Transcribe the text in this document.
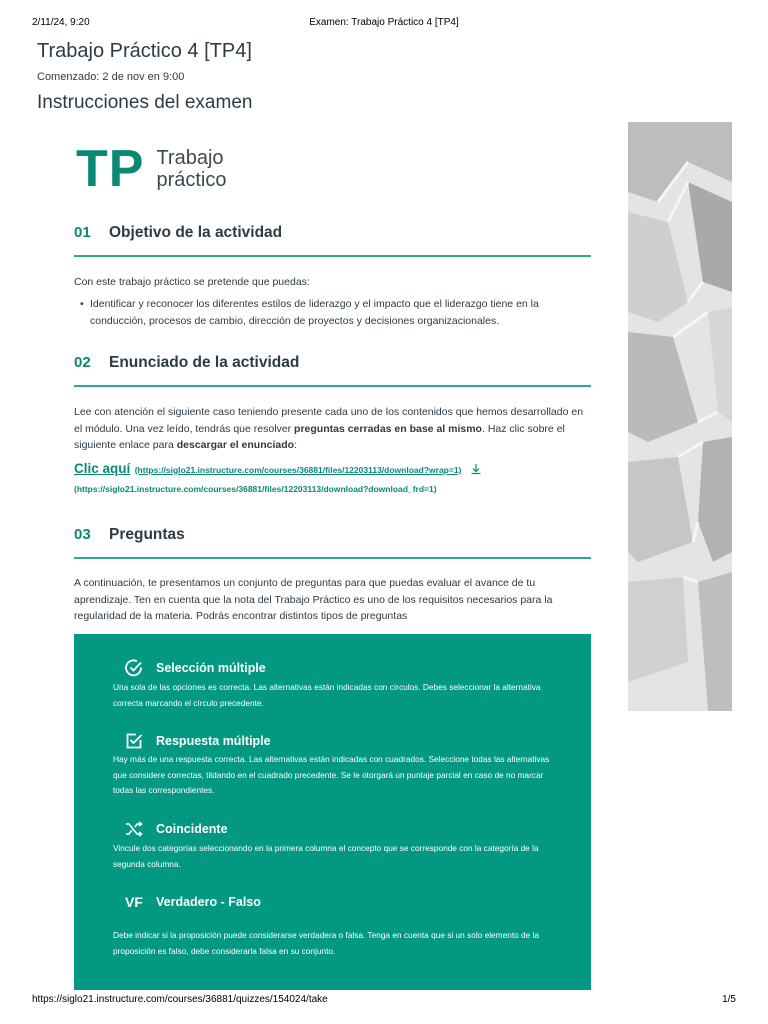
2/11/24, 9:20	Examen: Trabajo Práctico 4 [TP4]
Trabajo Práctico 4 [TP4]
Comenzado: 2 de nov en 9:00
Instrucciones del examen
TP Trabajo
práctico
01	Objetivo de la actividad
Con este trabajo práctico se pretende que puedas:
• Identificar y reconocer los diferentes estilos de liderazgo y el impacto que el liderazgo tiene en la conducción, procesos de cambio, dirección de proyectos y decisiones organizacionales.
02	Enunciado de la actividad
Lee con atención el siguiente caso teniendo presente cada uno de los contenidos que hemos desarrollado en el módulo. Una vez leído, tendrás que resolver preguntas cerradas en base al mismo. Haz clic sobre el siguiente enlace para descargar el enunciado:
Clic aquí (https://siglo21.instructure.com/courses/36881/files/12203113/download?wrap=1)
(https://siglo21.instructure.com/courses/36881/files/12203113/download?download_frd=1)
03	Preguntas
A continuación, te presentamos un conjunto de preguntas para que puedas evaluar el avance de tu aprendizaje. Ten en cuenta que la nota del Trabajo Práctico es uno de los requisitos necesarios para la regularidad de la materia. Podrás encontrar distintos tipos de preguntas
Selección múltiple
Una sola de las opciones es correcta. Las alternativas están indicadas con círculos. Debes seleccionar la alternativa correcta marcando el círculo precedente.
Respuesta múltiple
Hay más de una respuesta correcta. Las alternativas están indicadas con cuadrados. Seleccione todas las alternativas que considere correctas, tildando en el cuadrado precedente. Se le otorgará un puntaje parcial en caso de no marcar todas las correspondientes.
Coincidente
Vincule dos categorías seleccionando en la primera columna el concepto que se corresponde con la categoría de la segunda columna.
VF Verdadero - Falso
Debe indicar si la proposición puede considerarse verdadera o falsa. Tenga en cuenta que si un solo elemento de la proposición es falso, debe considerarla falsa en su conjunto.
https://siglo21.instructure.com/courses/36881/quizzes/154024/take	1/5
